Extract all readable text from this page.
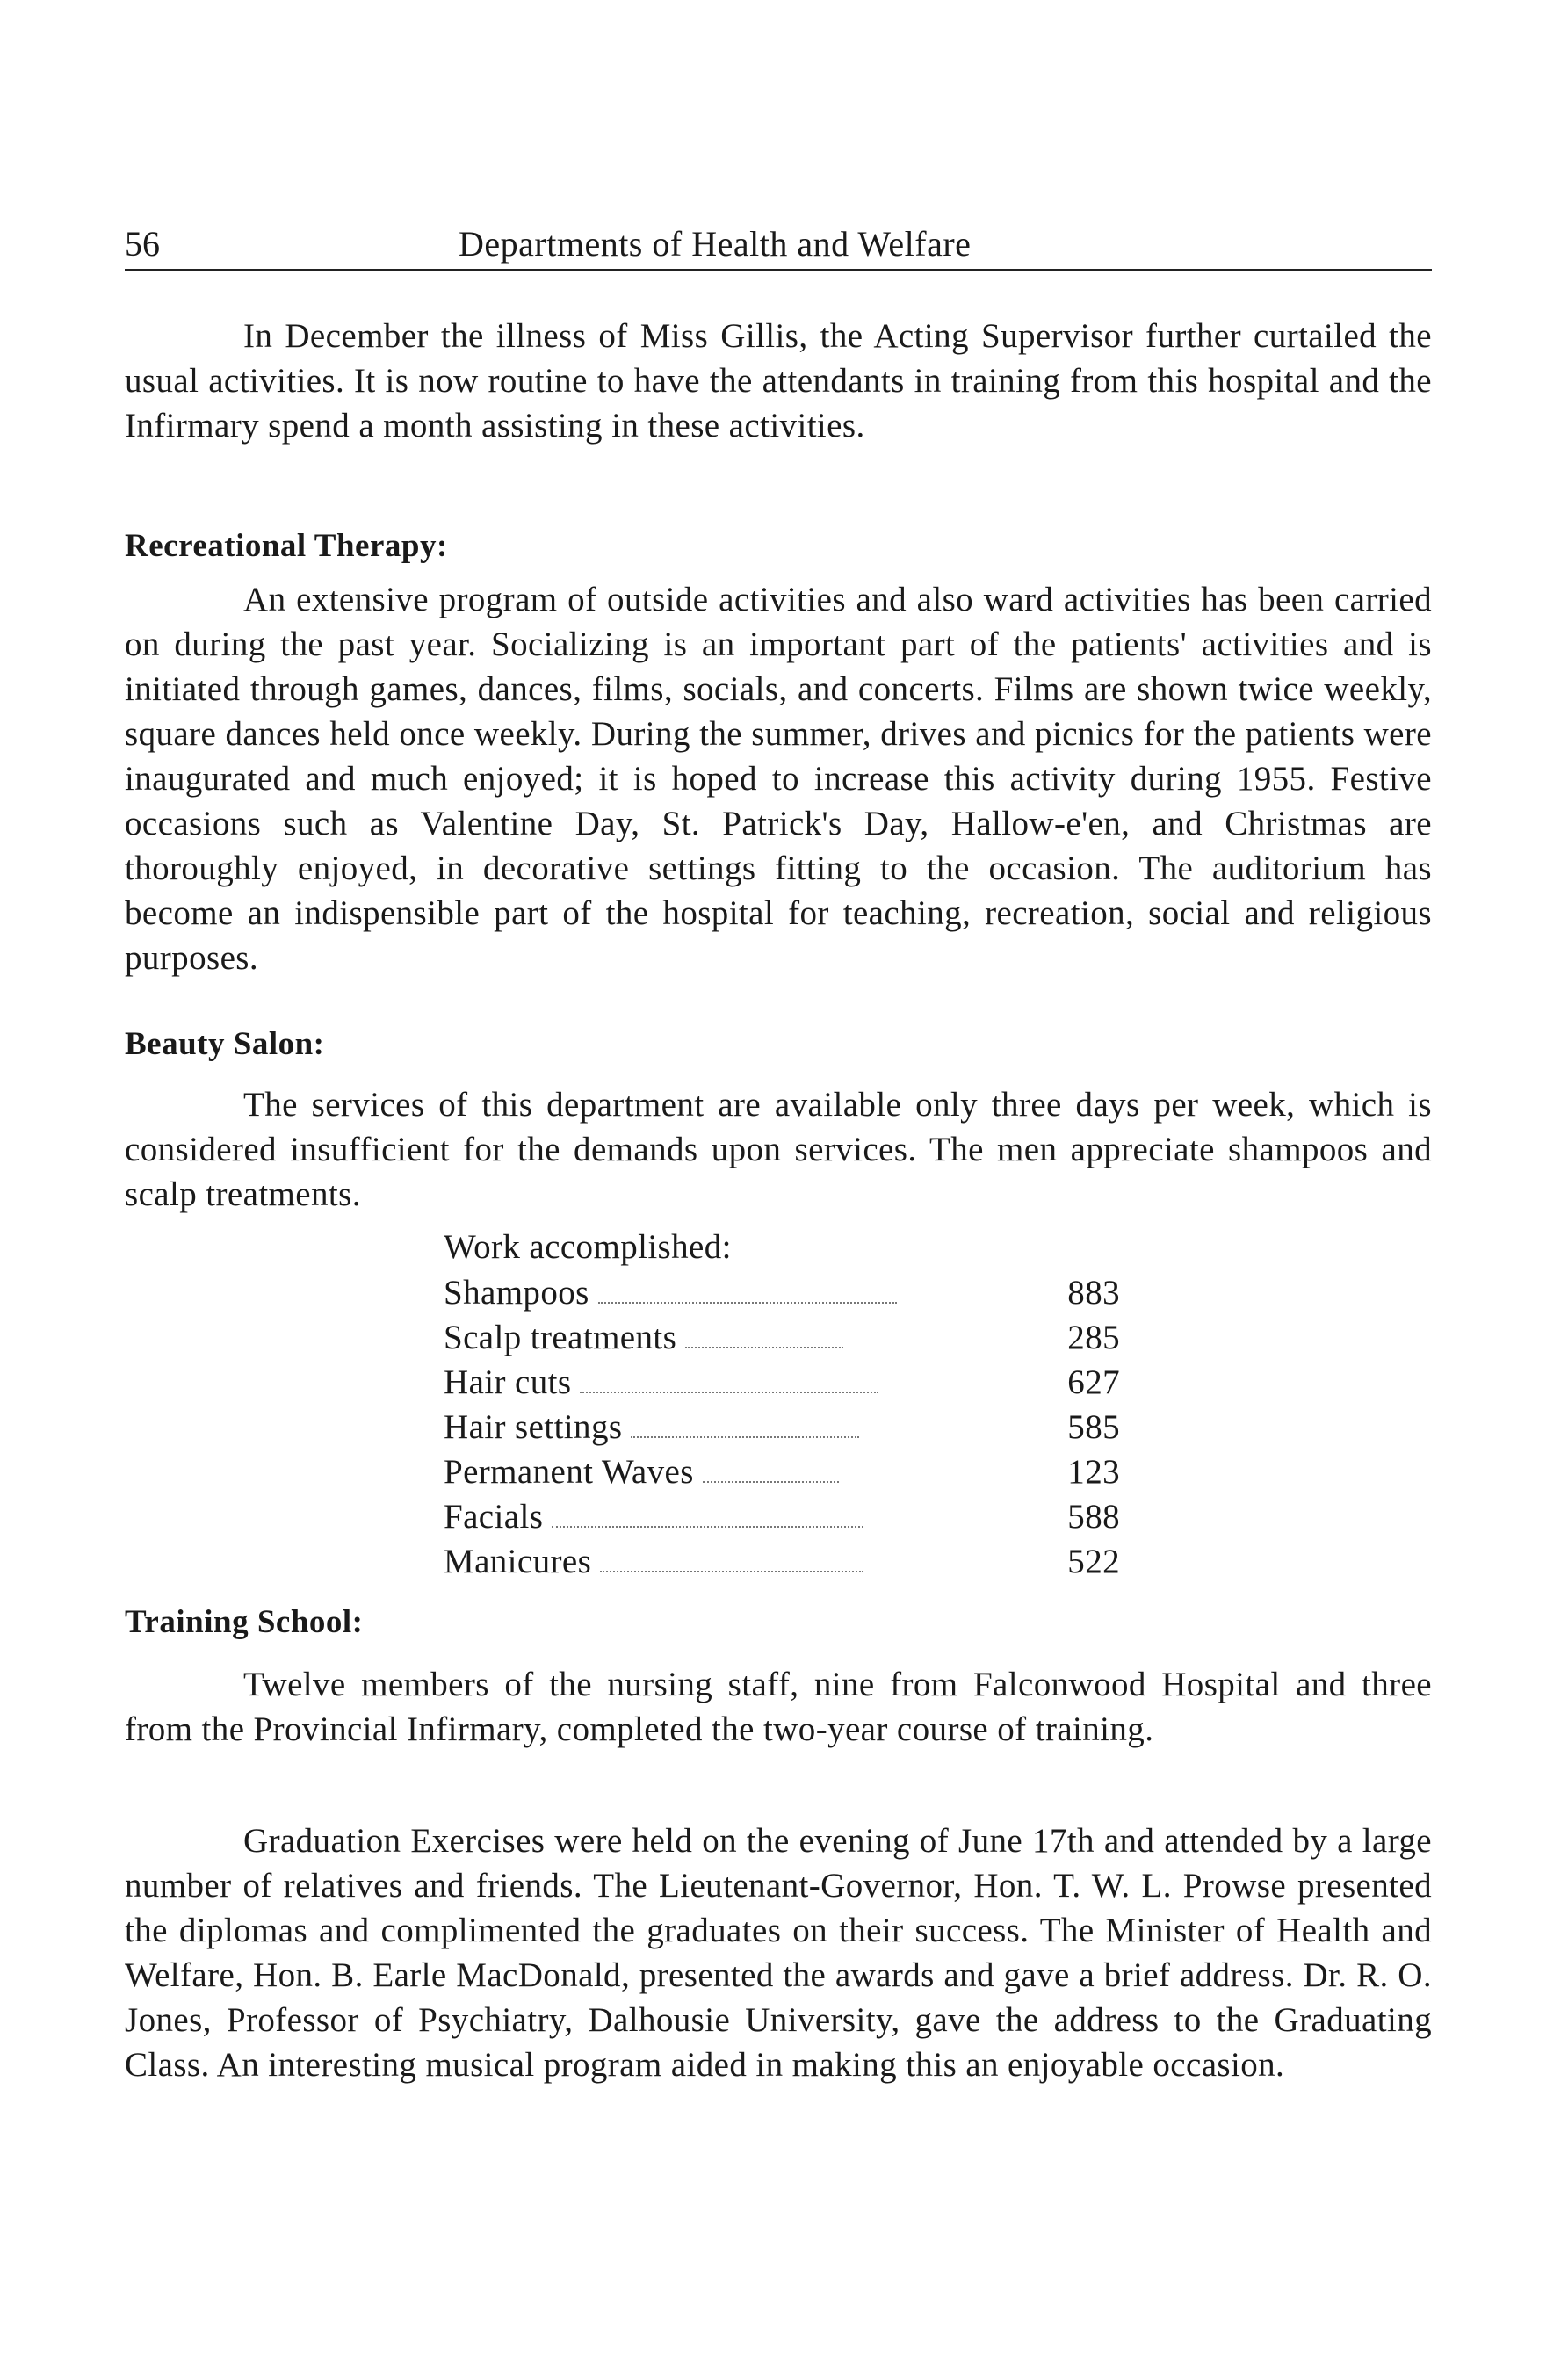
56	Departments of Health and Welfare

In December the illness of Miss Gillis, the Acting Supervisor further curtailed the usual activities. It is now routine to have the attendants in training from this hospital and the Infirmary spend a month assisting in these activities.

Recreational Therapy:

An extensive program of outside activities and also ward activities has been carried on during the past year. Socializing is an important part of the patients' activities and is initiated through games, dances, films, socials, and concerts. Films are shown twice weekly, square dances held once weekly. During the summer, drives and picnics for the patients were inaugurated and much enjoyed; it is hoped to increase this activity during 1955. Festive occasions such as Valentine Day, St. Patrick's Day, Hallow-e'en, and Christmas are thoroughly enjoyed, in decorative settings fitting to the occasion. The auditorium has become an indispensible part of the hospital for teaching, recreation, social and religious purposes.

Beauty Salon:

The services of this department are available only three days per week, which is considered insufficient for the demands upon services. The men appreciate shampoos and scalp treatments.

Work accomplished:
Shampoos	883
Scalp treatments	285
Hair cuts	627
Hair settings	585
Permanent Waves	123
Facials	588
Manicures	522
Training School:

Twelve members of the nursing staff, nine from Falconwood Hospital and three from the Provincial Infirmary, completed the two-year course of training.

Graduation Exercises were held on the evening of June 17th and attended by a large number of relatives and friends. The Lieutenant-Governor, Hon. T. W. L. Prowse presented the diplomas and complimented the graduates on their success. The Minister of Health and Welfare, Hon. B. Earle MacDonald, presented the awards and gave a brief address. Dr. R. O. Jones, Professor of Psychiatry, Dalhousie University, gave the address to the Graduating Class. An interesting musical program aided in making this an enjoyable occasion.
